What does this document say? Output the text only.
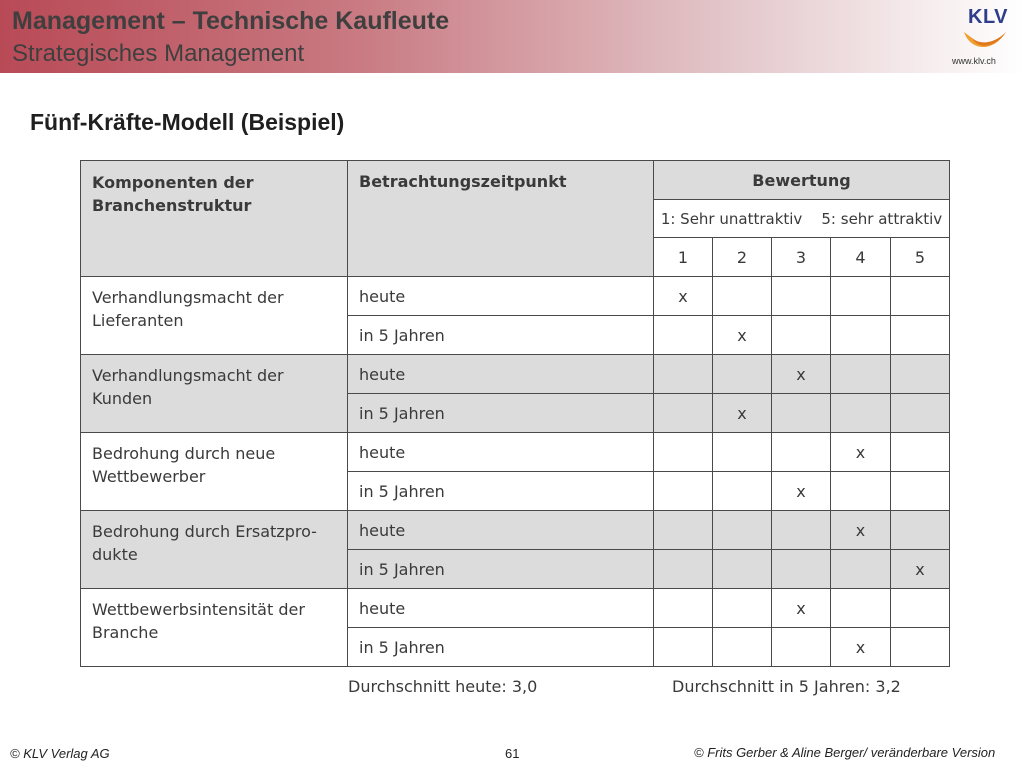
Management – Technische Kaufleute
Strategisches Management
KLV
www.klv.ch
Fünf-Kräfte-Modell (Beispiel)
Komponenten der Branchenstruktur	Betrachtungszeitpunkt	Bewertung				
		1: Sehr unattraktiv 5: sehr attraktiv				
		1	2	3	4	5
Verhandlungsmacht der Lieferanten	heute	x				
	in 5 Jahren		x			
Verhandlungsmacht der Kunden	heute			x		
	in 5 Jahren		x			
Bedrohung durch neue Wettbewerber	heute				x	
	in 5 Jahren			x		
Bedrohung durch Ersatzpro-dukte	heute				x	
	in 5 Jahren					x
Wettbewerbsintensität der Branche	heute			x		
	in 5 Jahren				x	
Durchschnitt heute: 3,0	Durchschnitt in 5 Jahren: 3,2
© KLV Verlag AG	61	© Frits Gerber & Aline Berger/ veränderbare Version
